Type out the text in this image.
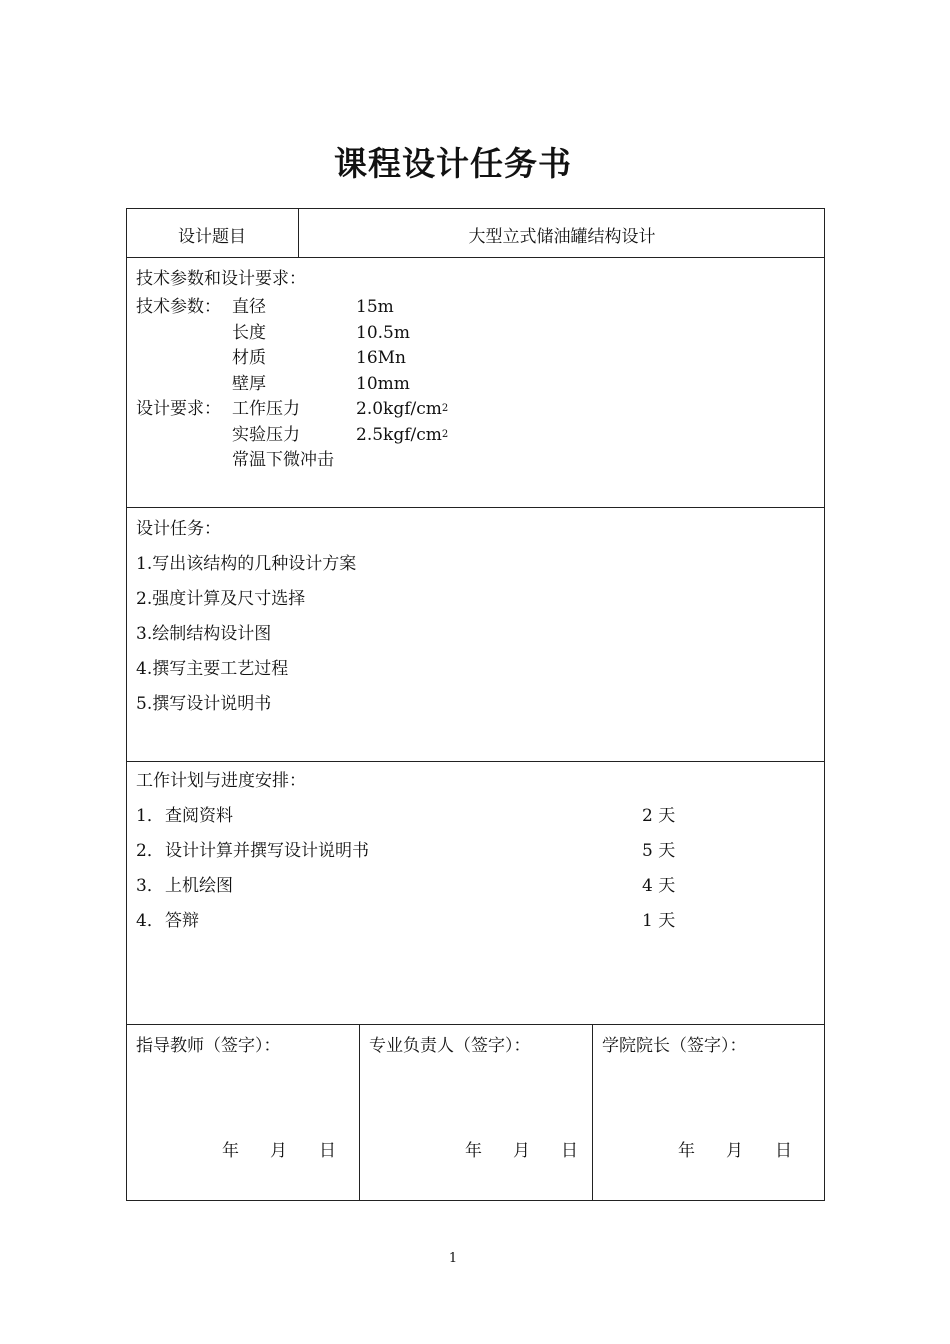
课程设计任务书
设计题目	大型立式储油罐结构设计
技术参数和设计要求：
技术参数： 直径	15m
长度	10.5m
材质	16Mn
壁厚	10mm
设计要求： 工作压力	$2.0kgf/cm^2$
实验压力	$2.5kgf/cm^2$
常温下微冲击
设计任务：
1.写出该结构的几种设计方案
2.强度计算及尺寸选择
3.绘制结构设计图
4.撰写主要工艺过程
5.撰写设计说明书
工作计划与进度安排：
1． 查阅资料	2 天
2． 设计计算并撰写设计说明书	5 天
3． 上机绘图	4 天
4． 答辩	1 天
指导教师（签字）：
年 月 日
专业负责人（签字）：
年 月 日
学院院长（签字）：
年 月 日
1
